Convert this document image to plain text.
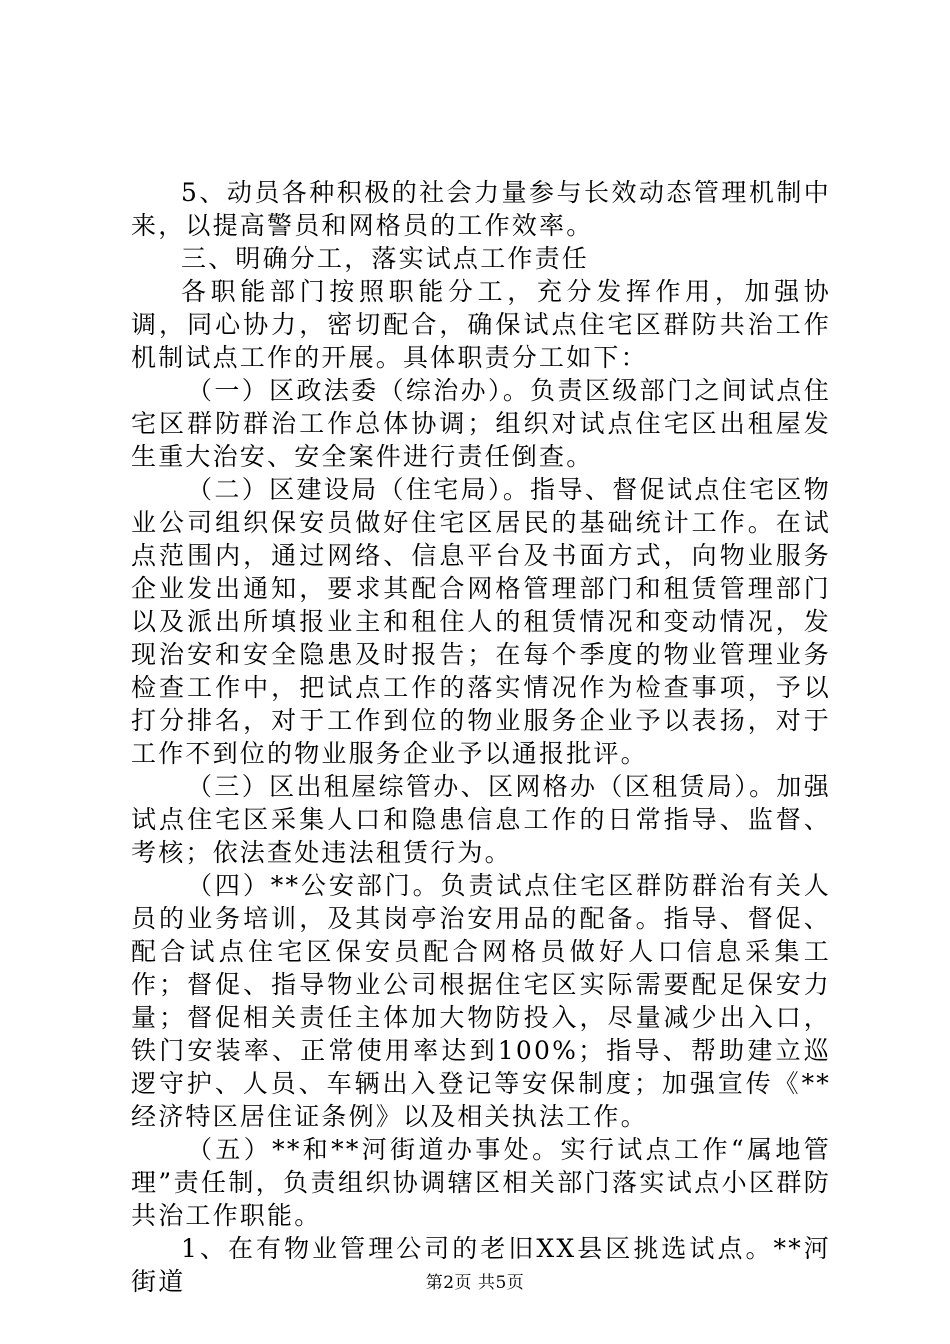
5、动员各种积极的社会力量参与长效动态管理机制中来，以提高警员和网格员的工作效率。

三、明确分工，落实试点工作责任

各职能部门按照职能分工，充分发挥作用，加强协调，同心协力，密切配合，确保试点住宅区群防共治工作机制试点工作的开展。具体职责分工如下：

（一）区政法委（综治办）。负责区级部门之间试点住宅区群防群治工作总体协调；组织对试点住宅区出租屋发生重大治安、安全案件进行责任倒查。

（二）区建设局（住宅局）。指导、督促试点住宅区物业公司组织保安员做好住宅区居民的基础统计工作。在试点范围内，通过网络、信息平台及书面方式，向物业服务企业发出通知，要求其配合网格管理部门和租赁管理部门以及派出所填报业主和租住人的租赁情况和变动情况，发现治安和安全隐患及时报告；在每个季度的物业管理业务检查工作中，把试点工作的落实情况作为检查事项，予以打分排名，对于工作到位的物业服务企业予以表扬，对于工作不到位的物业服务企业予以通报批评。

（三）区出租屋综管办、区网格办（区租赁局）。加强试点住宅区采集人口和隐患信息工作的日常指导、监督、考核；依法查处违法租赁行为。

（四）**公安部门。负责试点住宅区群防群治有关人员的业务培训，及其岗亭治安用品的配备。指导、督促、配合试点住宅区保安员配合网格员做好人口信息采集工作；督促、指导物业公司根据住宅区实际需要配足保安力量；督促相关责任主体加大物防投入，尽量减少出入口，铁门安装率、正常使用率达到100%；指导、帮助建立巡逻守护、人员、车辆出入登记等安保制度；加强宣传《**经济特区居住证条例》以及相关执法工作。

（五）**和**河街道办事处。实行试点工作“属地管理”责任制，负责组织协调辖区相关部门落实试点小区群防共治工作职能。

1、在有物业管理公司的老旧XX县区挑选试点。**河街道	第2页 共5页
